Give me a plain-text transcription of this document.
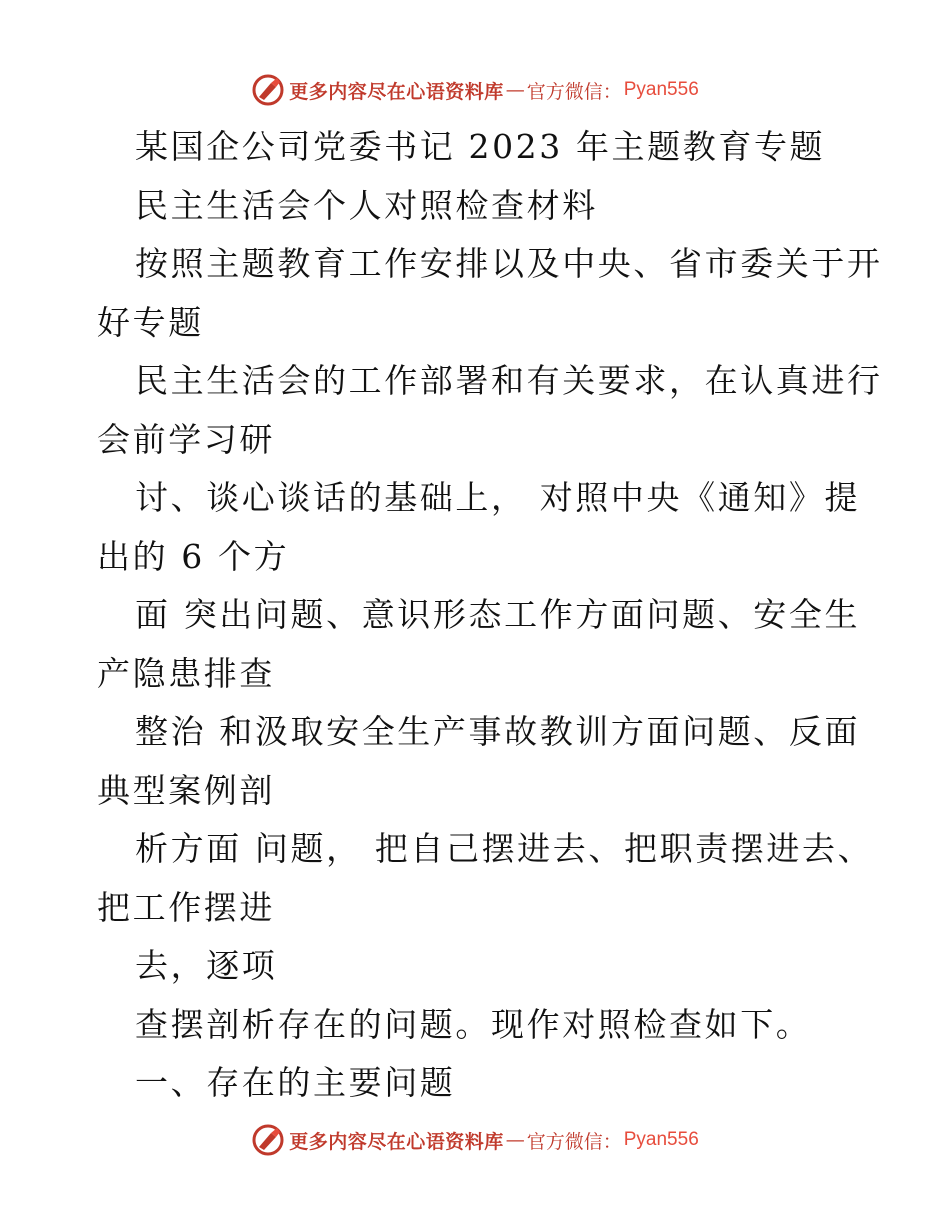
更多内容尽在心语资料库 — 官方微信： Pyan556
某国企公司党委书记 2023 年主题教育专题
民主生活会个人对照检查材料
按照主题教育工作安排以及中央、省市委关于开
好专题
民主生活会的工作部署和有关要求，在认真进行
会前学习研
讨、谈心谈话的基础上， 对照中央《通知》提
出的 6 个方
面 突出问题、意识形态工作方面问题、安全生
产隐患排查
整治 和汲取安全生产事故教训方面问题、反面
典型案例剖
析方面 问题， 把自己摆进去、把职责摆进去、
把工作摆进
去，逐项
查摆剖析存在的问题。现作对照检查如下。
一、存在的主要问题
更多内容尽在心语资料库 — 官方微信： Pyan556
